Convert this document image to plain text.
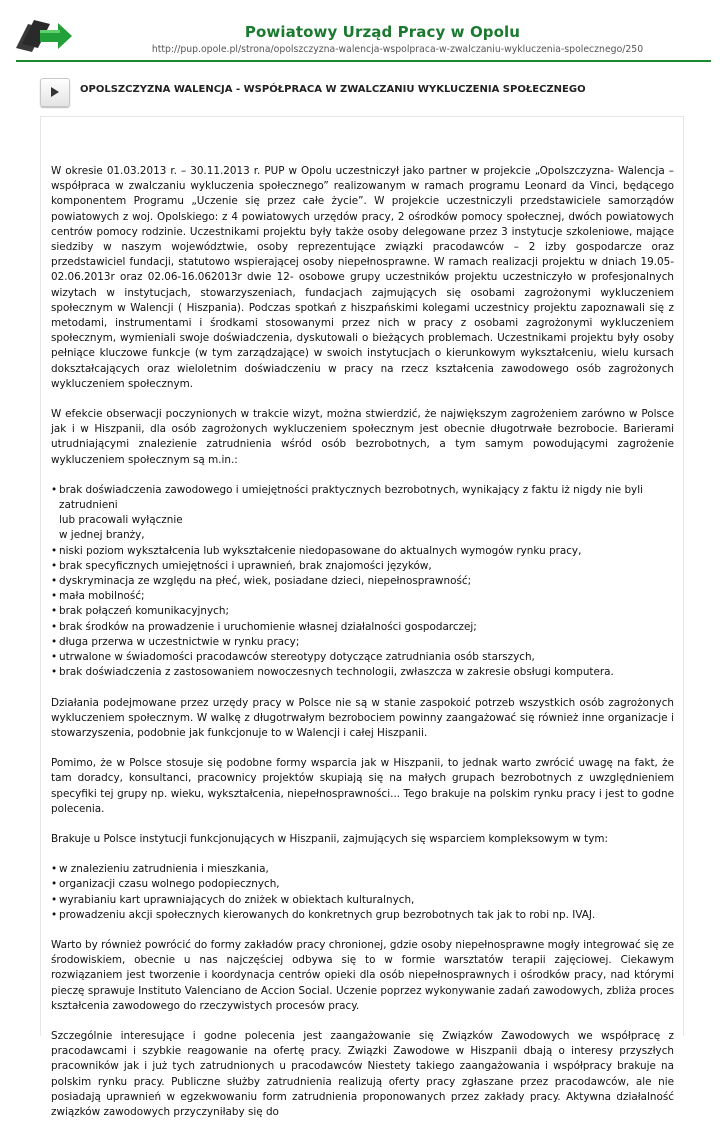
Powiatowy Urząd Pracy w Opolu
http://pup.opole.pl/strona/opolszczyzna-walencja-wspolpraca-w-zwalczaniu-wykluczenia-spolecznego/250
OPOLSZCZYZNA WALENCJA - WSPÓŁPRACA W ZWALCZANIU WYKLUCZENIA SPOŁECZNEGO

W okresie 01.03.2013 r. – 30.11.2013 r. PUP w Opolu uczestniczył jako partner w projekcie „Opolszczyzna- Walencja – współpraca w zwalczaniu wykluczenia społecznego” realizowanym w ramach programu Leonard da Vinci, będącego komponentem Programu „Uczenie się przez całe życie”. W projekcie uczestniczyli przedstawiciele samorządów powiatowych z woj. Opolskiego: z 4 powiatowych urzędów pracy, 2 ośrodków pomocy społecznej, dwóch powiatowych centrów pomocy rodzinie. Uczestnikami projektu były także osoby delegowane przez 3 instytucje szkoleniowe, mające siedziby w naszym województwie, osoby reprezentujące związki pracodawców – 2 izby gospodarcze oraz przedstawiciel fundacji, statutowo wspierającej osoby niepełnosprawne. W ramach realizacji projektu w dniach 19.05-02.06.2013r oraz 02.06-16.062013r dwie 12- osobowe grupy uczestników projektu uczestniczyło w profesjonalnych wizytach w instytucjach, stowarzyszeniach, fundacjach zajmujących się osobami zagrożonymi wykluczeniem społecznym w Walencji ( Hiszpania). Podczas spotkań z hiszpańskimi kolegami uczestnicy projektu zapoznawali się z metodami, instrumentami i środkami stosowanymi przez nich w pracy z osobami zagrożonymi wykluczeniem społecznym, wymieniali swoje doświadczenia, dyskutowali o bieżących problemach. Uczestnikami projektu były osoby pełniące kluczowe funkcje (w tym zarządzające) w swoich instytucjach o kierunkowym wykształceniu, wielu kursach dokształcających oraz wieloletnim doświadczeniu w pracy na rzecz kształcenia zawodowego osób zagrożonych wykluczeniem społecznym.

W efekcie obserwacji poczynionych w trakcie wizyt, można stwierdzić, że największym zagrożeniem zarówno w Polsce jak i w Hiszpanii, dla osób zagrożonych wykluczeniem społecznym jest obecnie długotrwałe bezrobocie. Barierami utrudniającymi znalezienie zatrudnienia wśród osób bezrobotnych, a tym samym powodującymi zagrożenie wykluczeniem społecznym są m.in.:

• brak doświadczenia zawodowego i umiejętności praktycznych bezrobotnych, wynikający z faktu iż nigdy nie byli zatrudnieni
lub pracowali wyłącznie
w jednej branży,
• niski poziom wykształcenia lub wykształcenie niedopasowane do aktualnych wymogów rynku pracy,
• brak specyficznych umiejętności i uprawnień, brak znajomości języków,
• dyskryminacja ze względu na płeć, wiek, posiadane dzieci, niepełnosprawność;
• mała mobilność;
• brak połączeń komunikacyjnych;
• brak środków na prowadzenie i uruchomienie własnej działalności gospodarczej;
• długa przerwa w uczestnictwie w rynku pracy;
• utrwalone w świadomości pracodawców stereotypy dotyczące zatrudniania osób starszych,
• brak doświadczenia z zastosowaniem nowoczesnych technologii, zwłaszcza w zakresie obsługi komputera.

Działania podejmowane przez urzędy pracy w Polsce nie są w stanie zaspokoić potrzeb wszystkich osób zagrożonych wykluczeniem społecznym. W walkę z długotrwałym bezrobociem powinny zaangażować się również inne organizacje i stowarzyszenia, podobnie jak funkcjonuje to w Walencji i całej Hiszpanii.

Pomimo, że w Polsce stosuje się podobne formy wsparcia jak w Hiszpanii, to jednak warto zwrócić uwagę na fakt, że tam doradcy, konsultanci, pracownicy projektów skupiają się na małych grupach bezrobotnych z uwzględnieniem specyfiki tej grupy np. wieku, wykształcenia, niepełnosprawności... Tego brakuje na polskim rynku pracy i jest to godne polecenia.

Brakuje u Polsce instytucji funkcjonujących w Hiszpanii, zajmujących się wsparciem kompleksowym w tym:

• w znalezieniu zatrudnienia i mieszkania,
• organizacji czasu wolnego podopiecznych,
• wyrabianiu kart uprawniających do zniżek w obiektach kulturalnych,
• prowadzeniu akcji społecznych kierowanych do konkretnych grup bezrobotnych tak jak to robi np. IVAJ.

Warto by również powrócić do formy zakładów pracy chronionej, gdzie osoby niepełnosprawne mogły integrować się ze środowiskiem, obecnie u nas najczęściej odbywa się to w formie warsztatów terapii zajęciowej. Ciekawym rozwiązaniem jest tworzenie i koordynacja centrów opieki dla osób niepełnosprawnych i ośrodków pracy, nad którymi pieczę sprawuje Instituto Valenciano de Accion Social. Uczenie poprzez wykonywanie zadań zawodowych, zbliża proces kształcenia zawodowego do rzeczywistych procesów pracy.

Szczególnie interesujące i godne polecenia jest zaangażowanie się Związków Zawodowych we współpracę z pracodawcami i szybkie reagowanie na ofertę pracy. Związki Zawodowe w Hiszpanii dbają o interesy przyszłych pracowników jak i już tych zatrudnionych u pracodawców Niestety takiego zaangażowania i współpracy brakuje na polskim rynku pracy. Publiczne służby zatrudnienia realizują oferty pracy zgłaszane przez pracodawców, ale nie posiadają uprawnień w egzekwowaniu form zatrudnienia proponowanych przez zakłady pracy. Aktywna działalność związków zawodowych przyczyniłaby się do
